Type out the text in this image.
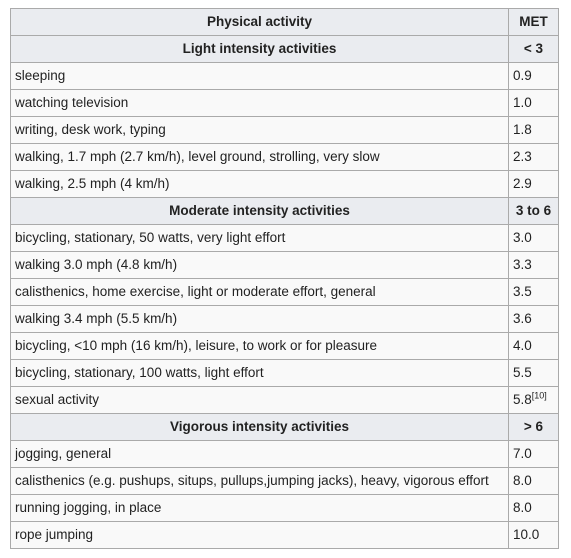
Physical activity	MET
Light intensity activities	< 3
sleeping	0.9
watching television	1.0
writing, desk work, typing	1.8
walking, 1.7 mph (2.7 km/h), level ground, strolling, very slow	2.3
walking, 2.5 mph (4 km/h)	2.9
Moderate intensity activities	3 to 6
bicycling, stationary, 50 watts, very light effort	3.0
walking 3.0 mph (4.8 km/h)	3.3
calisthenics, home exercise, light or moderate effort, general	3.5
walking 3.4 mph (5.5 km/h)	3.6
bicycling, <10 mph (16 km/h), leisure, to work or for pleasure	4.0
bicycling, stationary, 100 watts, light effort	5.5
sexual activity	5.8[10]
Vigorous intensity activities	> 6
jogging, general	7.0
calisthenics (e.g. pushups, situps, pullups,jumping jacks), heavy, vigorous effort	8.0
running jogging, in place	8.0
rope jumping	10.0
